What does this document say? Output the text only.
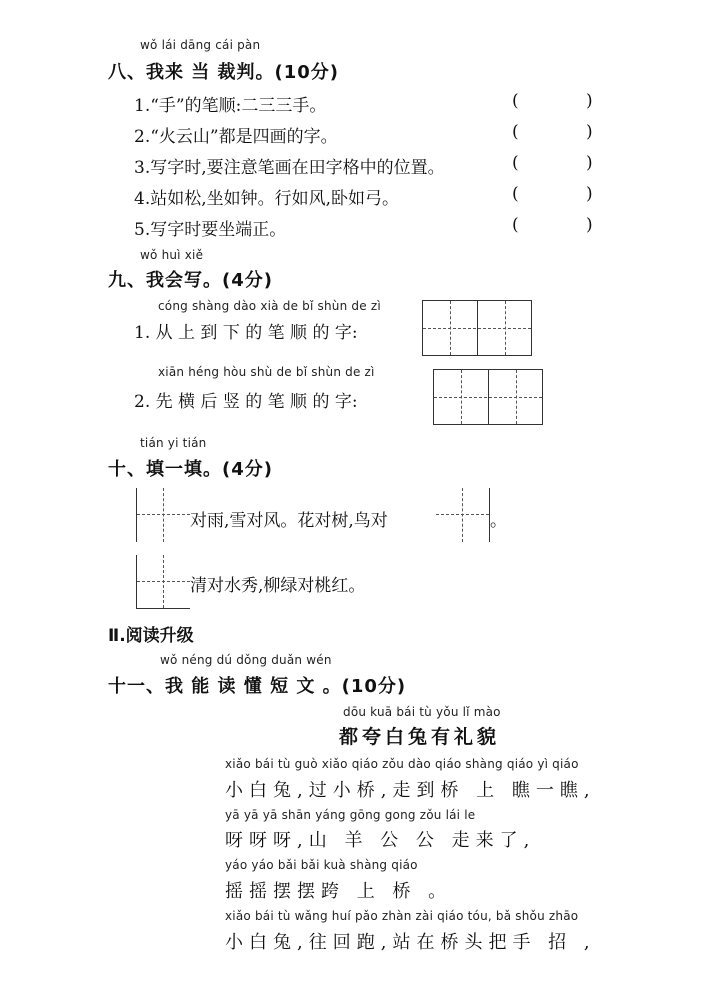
wǒ lái dāng cái pàn
八、我来 当 裁判。(10分)
1.“手”的笔顺:二三三手。	(	)
2.“火云山”都是四画的字。	(	)
3.写字时,要注意笔画在田字格中的位置。	(	)
4.站如松,坐如钟。行如风,卧如弓。	(	)
5.写字时要坐端正。	(	)
wǒ huì xiě
九、我会写。(4分)
cóng shàng dào xià de bǐ shùn de zì
1. 从 上 到 下 的 笔 顺 的 字:
xiān héng hòu shù de bǐ shùn de zì
2. 先 横 后 竖 的 笔 顺 的 字:
tián yi tián
十、填一填。(4分)
对雨,雪对风。花对树,鸟对	。
清对水秀,柳绿对桃红。
Ⅱ.阅读升级
wǒ néng dú dǒng duǎn wén
十一、我 能 读 懂 短 文 。(10分)
dōu kuā bái tù yǒu lǐ mào
都夸白兔有礼貌
xiǎo bái tù guò xiǎo qiáo zǒu dào qiáo shàng qiáo yì qiáo
小白兔,过小桥,走到桥 上 瞧一瞧,
yā yā yā shān yáng gōng gong zǒu lái le
呀呀呀,山 羊 公 公 走来了,
yáo yáo bǎi bǎi kuà shàng qiáo
摇摇摆摆跨 上 桥 。
xiǎo bái tù wǎng huí pǎo zhàn zài qiáo tóu, bǎ shǒu zhāo
小白兔,往回跑,站在桥头把手 招 ,
